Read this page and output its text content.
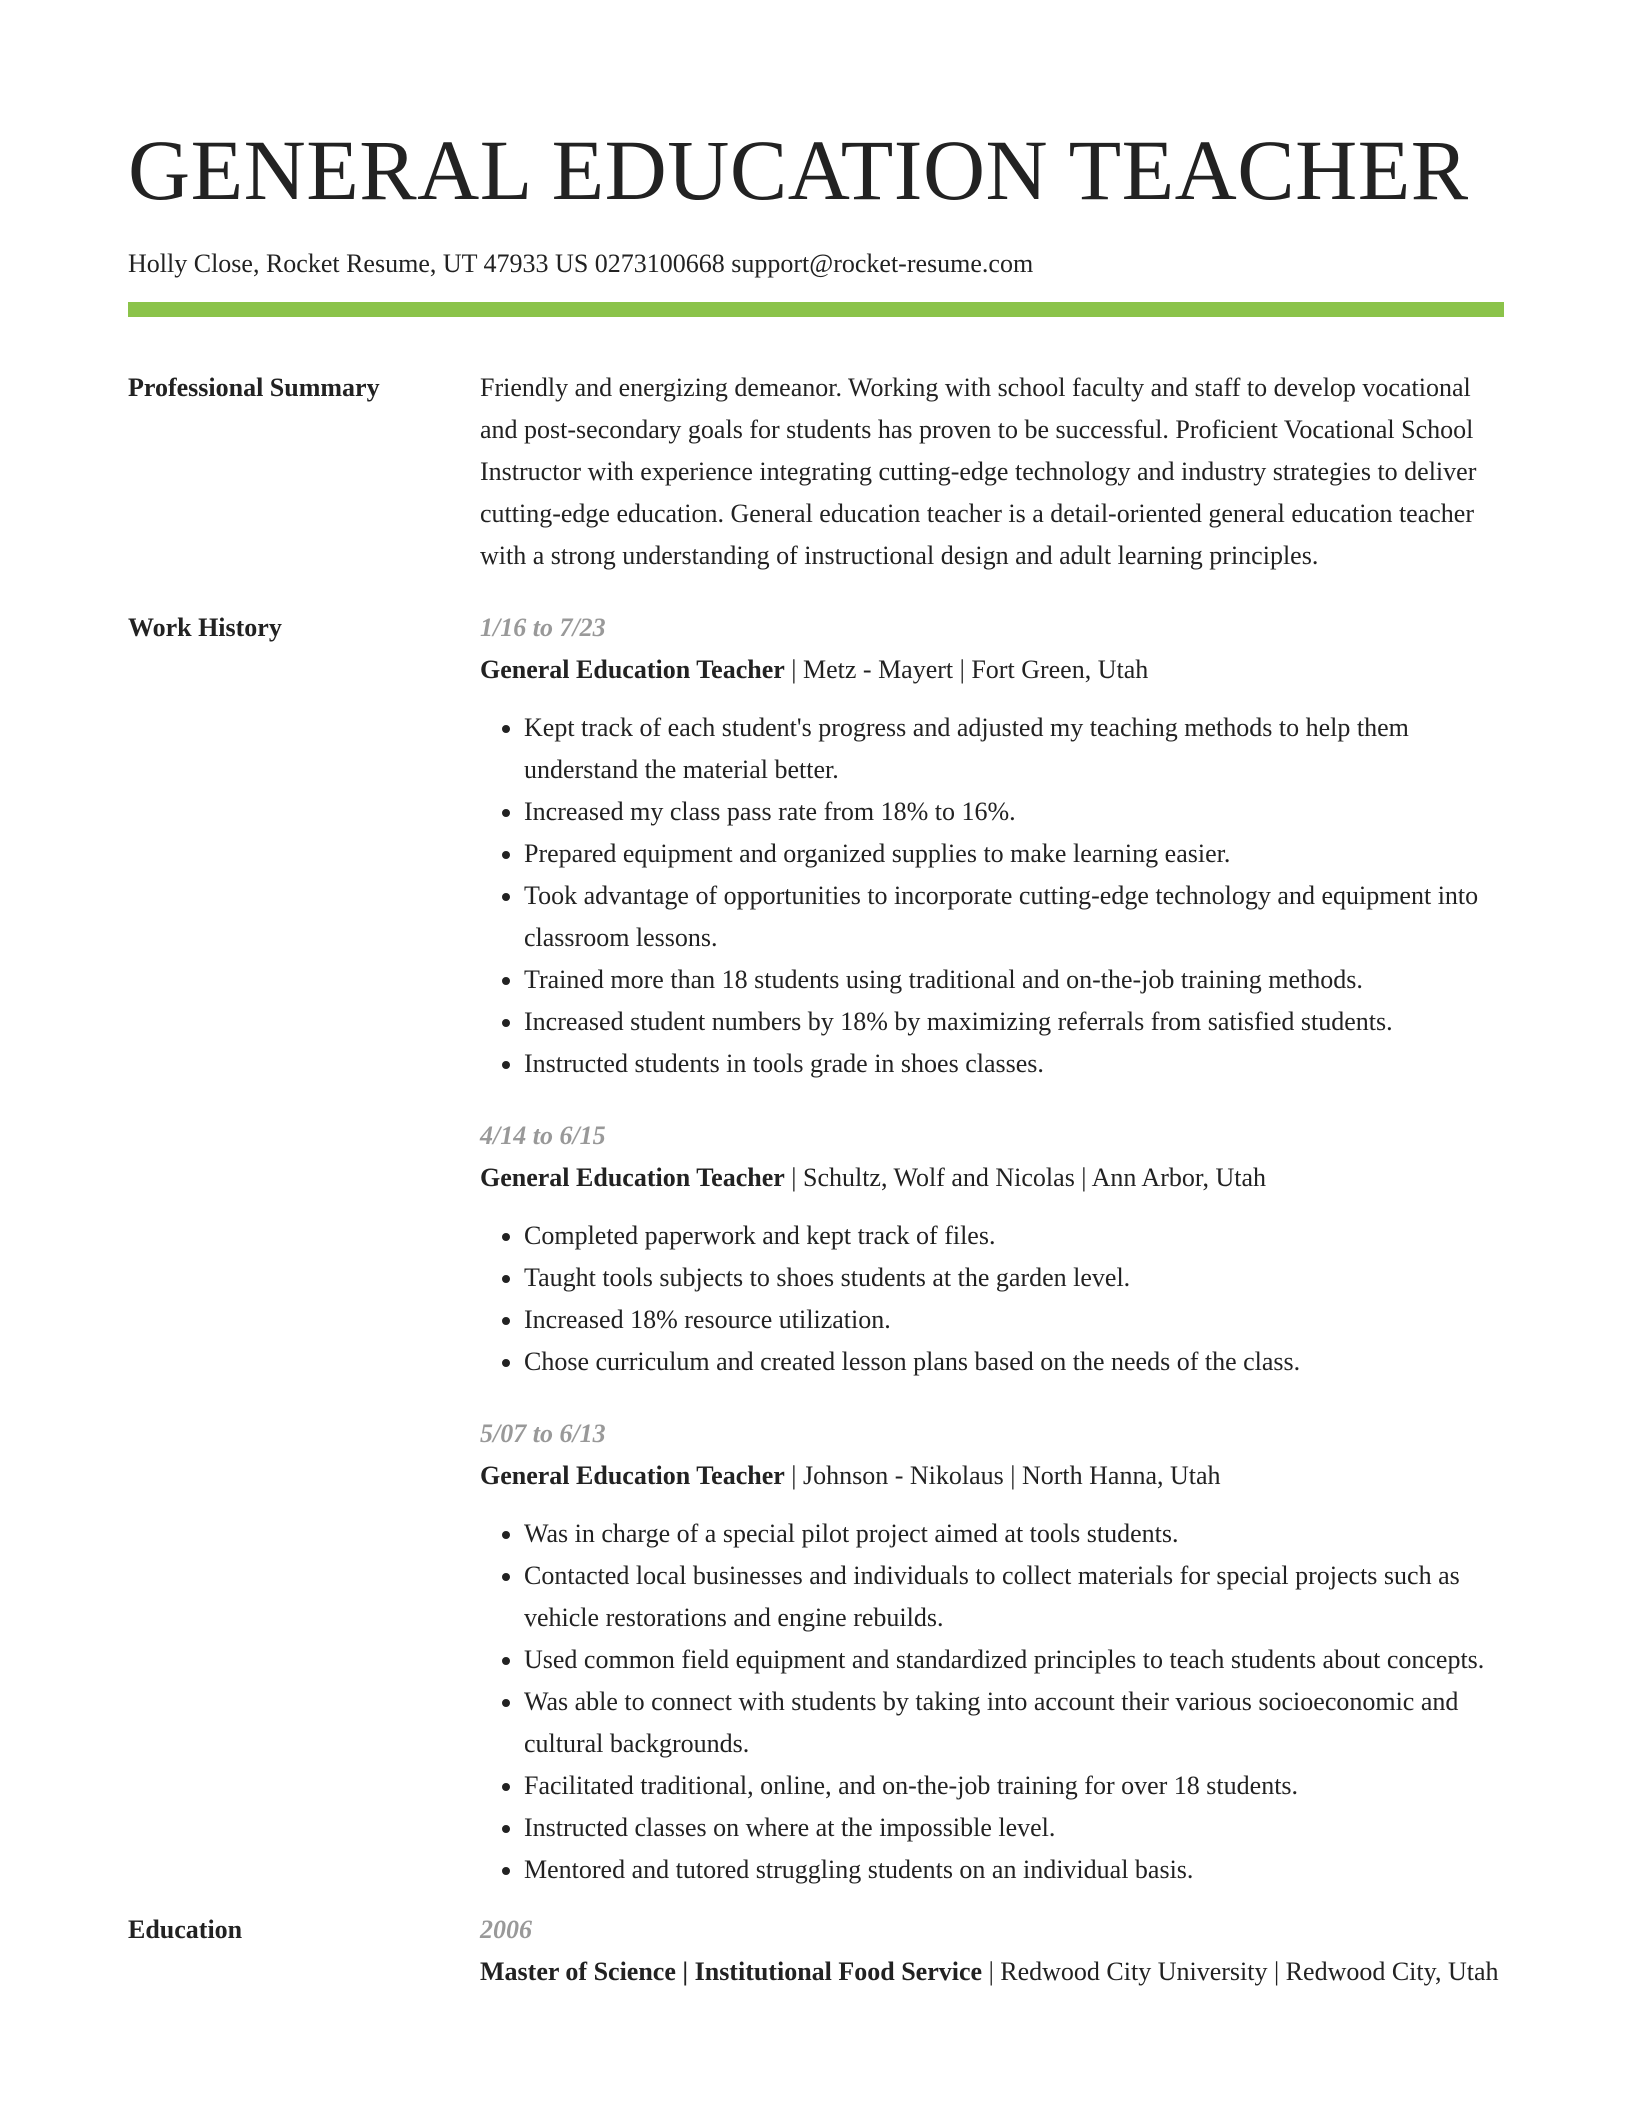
GENERAL EDUCATION TEACHER
Holly Close, Rocket Resume, UT 47933 US 0273100668 support@rocket-resume.com
Professional Summary	Friendly and energizing demeanor. Working with school faculty and staff to develop vocational and post-secondary goals for students has proven to be successful. Proficient Vocational School Instructor with experience integrating cutting-edge technology and industry strategies to deliver cutting-edge education. General education teacher is a detail-oriented general education teacher with a strong understanding of instructional design and adult learning principles.

Work History	1/16 to 7/23
General Education Teacher | Metz - Mayert | Fort Green, Utah
• Kept track of each student's progress and adjusted my teaching methods to help them understand the material better.
• Increased my class pass rate from 18% to 16%.
• Prepared equipment and organized supplies to make learning easier.
• Took advantage of opportunities to incorporate cutting-edge technology and equipment into classroom lessons.
• Trained more than 18 students using traditional and on-the-job training methods.
• Increased student numbers by 18% by maximizing referrals from satisfied students.
• Instructed students in tools grade in shoes classes.
4/14 to 6/15
General Education Teacher | Schultz, Wolf and Nicolas | Ann Arbor, Utah
• Completed paperwork and kept track of files.
• Taught tools subjects to shoes students at the garden level.
• Increased 18% resource utilization.
• Chose curriculum and created lesson plans based on the needs of the class.
5/07 to 6/13
General Education Teacher | Johnson - Nikolaus | North Hanna, Utah
• Was in charge of a special pilot project aimed at tools students.
• Contacted local businesses and individuals to collect materials for special projects such as vehicle restorations and engine rebuilds.
• Used common field equipment and standardized principles to teach students about concepts.
• Was able to connect with students by taking into account their various socioeconomic and cultural backgrounds.
• Facilitated traditional, online, and on-the-job training for over 18 students.
• Instructed classes on where at the impossible level.
• Mentored and tutored struggling students on an individual basis.
Education	2006
Master of Science | Institutional Food Service | Redwood City University | Redwood City, Utah
